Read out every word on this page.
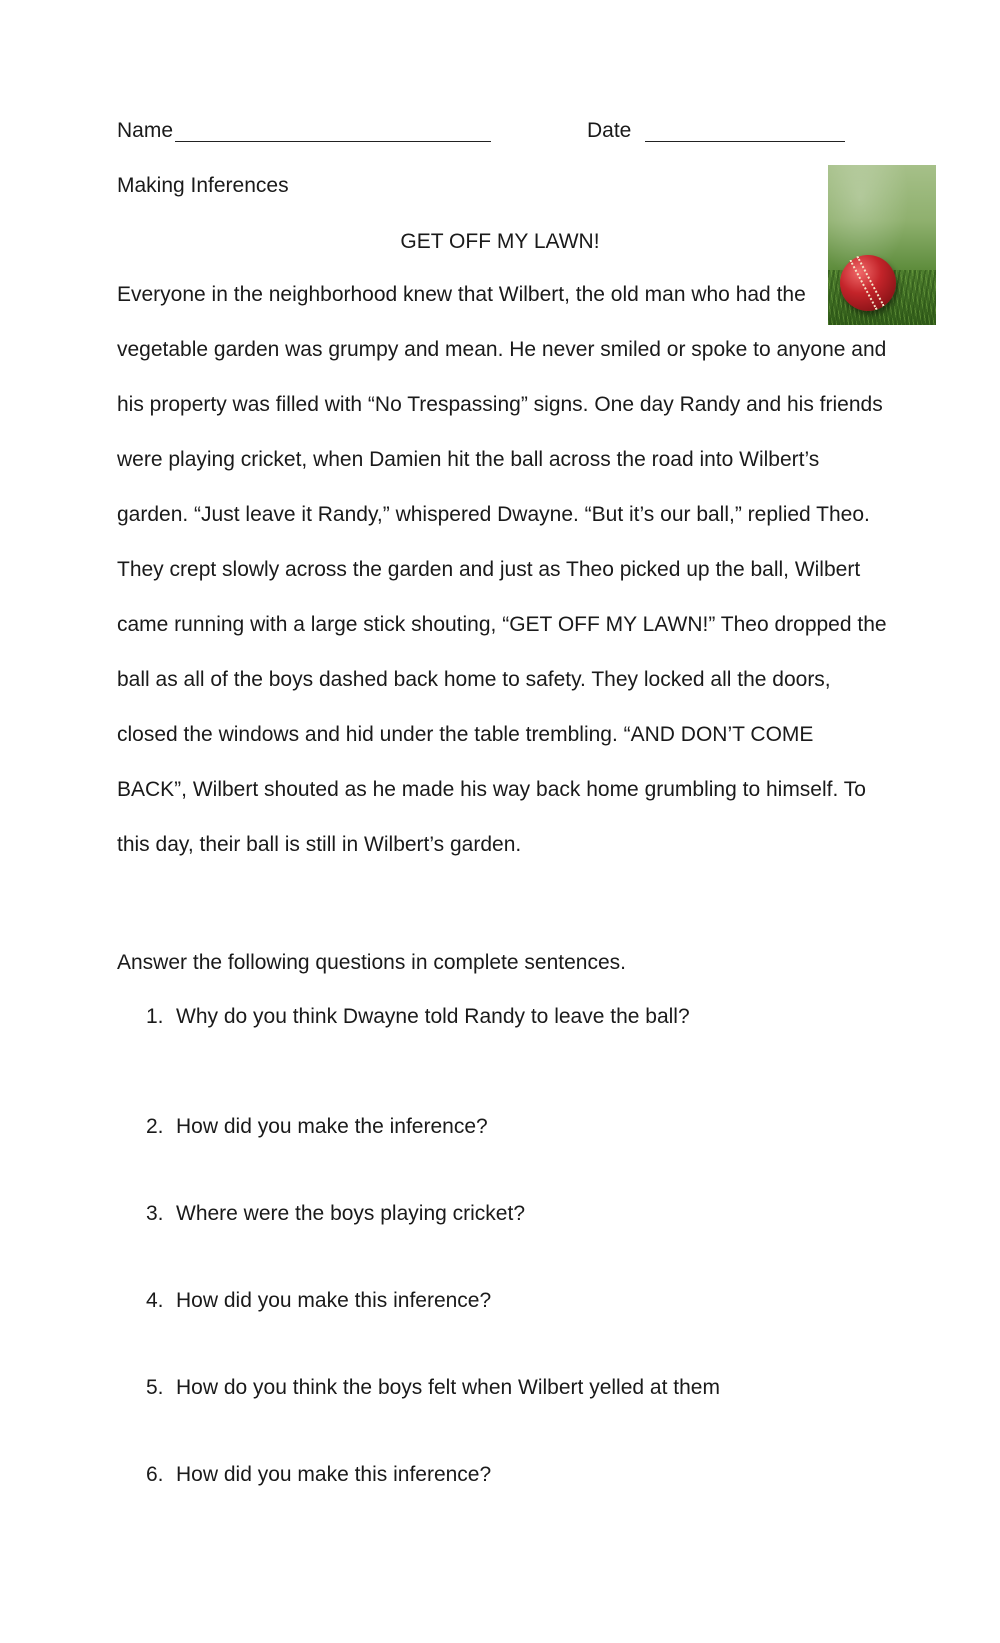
Name	Date
Making Inferences
GET OFF MY LAWN!
Everyone in the neighborhood knew that Wilbert, the old man who had the
vegetable garden was grumpy and mean. He never smiled or spoke to anyone and
his property was filled with “No Trespassing” signs. One day Randy and his friends
were playing cricket, when Damien hit the ball across the road into Wilbert’s
garden. “Just leave it Randy,” whispered Dwayne. “But it’s our ball,” replied Theo.
They crept slowly across the garden and just as Theo picked up the ball, Wilbert
came running with a large stick shouting, “GET OFF MY LAWN!” Theo dropped the
ball as all of the boys dashed back home to safety. They locked all the doors,
closed the windows and hid under the table trembling. “AND DON’T COME
BACK”, Wilbert shouted as he made his way back home grumbling to himself. To
this day, their ball is still in Wilbert’s garden.
Answer the following questions in complete sentences.
1. Why do you think Dwayne told Randy to leave the ball?
2. How did you make the inference?
3. Where were the boys playing cricket?
4. How did you make this inference?
5. How do you think the boys felt when Wilbert yelled at them
6. How did you make this inference?
